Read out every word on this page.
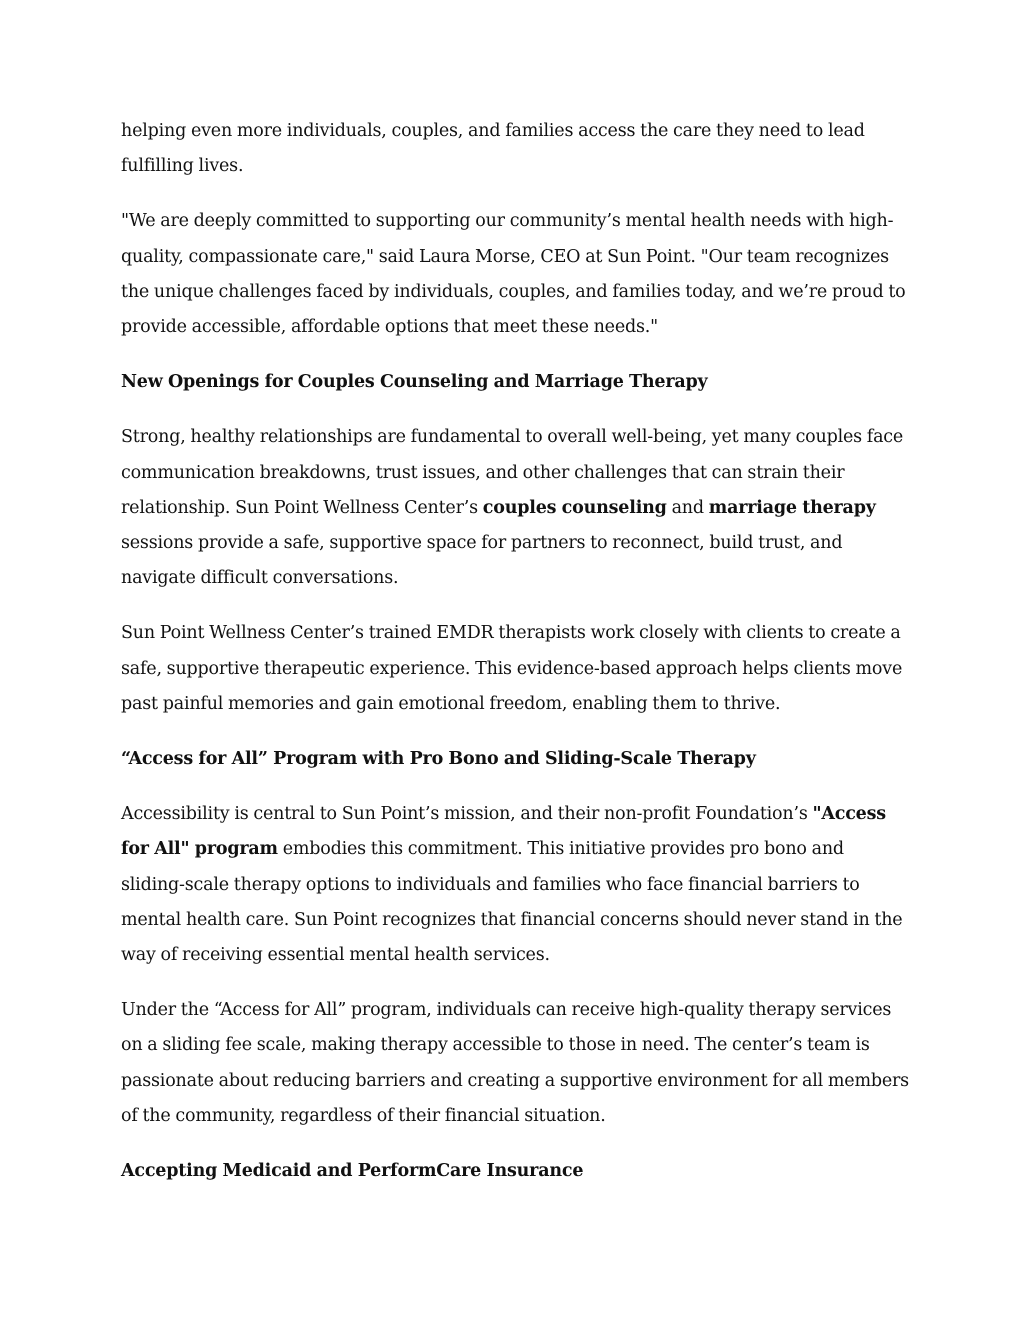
helping even more individuals, couples, and families access the care they need to lead fulfilling lives.

"We are deeply committed to supporting our community’s mental health needs with high-quality, compassionate care," said Laura Morse, CEO at Sun Point. "Our team recognizes the unique challenges faced by individuals, couples, and families today, and we’re proud to provide accessible, affordable options that meet these needs."

New Openings for Couples Counseling and Marriage Therapy

Strong, healthy relationships are fundamental to overall well-being, yet many couples face communication breakdowns, trust issues, and other challenges that can strain their relationship. Sun Point Wellness Center’s couples counseling and marriage therapy sessions provide a safe, supportive space for partners to reconnect, build trust, and navigate difficult conversations.

Sun Point Wellness Center’s trained EMDR therapists work closely with clients to create a safe, supportive therapeutic experience. This evidence-based approach helps clients move past painful memories and gain emotional freedom, enabling them to thrive.

“Access for All” Program with Pro Bono and Sliding-Scale Therapy

Accessibility is central to Sun Point’s mission, and their non-profit Foundation’s "Access for All" program embodies this commitment. This initiative provides pro bono and sliding-scale therapy options to individuals and families who face financial barriers to mental health care. Sun Point recognizes that financial concerns should never stand in the way of receiving essential mental health services.

Under the “Access for All” program, individuals can receive high-quality therapy services on a sliding fee scale, making therapy accessible to those in need. The center’s team is passionate about reducing barriers and creating a supportive environment for all members of the community, regardless of their financial situation.

Accepting Medicaid and PerformCare Insurance
